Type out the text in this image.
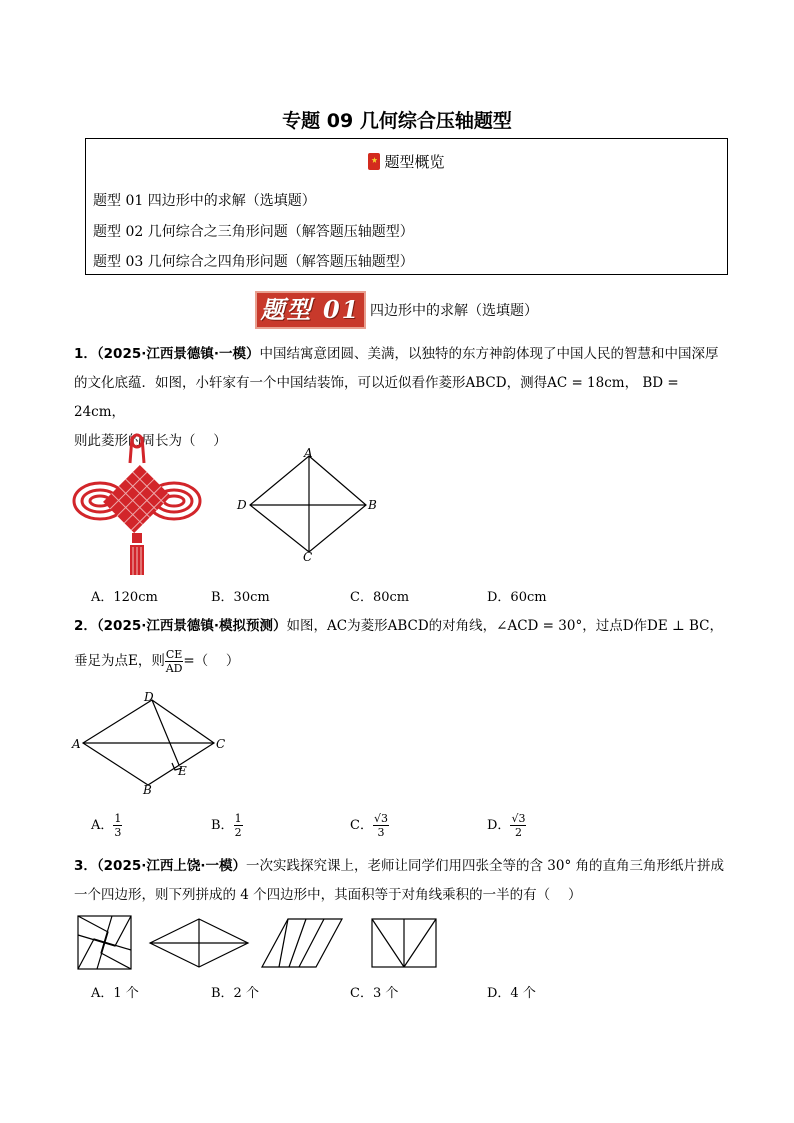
专题 09 几何综合压轴题型
题型概览
题型 01 四边形中的求解（选填题）
题型 02 几何综合之三角形问题（解答题压轴题型）
题型 03 几何综合之四角形问题（解答题压轴题型）
题型 01 四边形中的求解（选填题）
1．（2025·江西景德镇·一模）中国结寓意团圆、美满，以独特的东方神韵体现了中国人民的智慧和中国深厚
的文化底蕴．如图，小轩家有一个中国结装饰，可以近似看作菱形ABCD，测得AC = 18cm， BD = 24cm，
则此菱形的周长为（　 ）
A
B
C
D
A．120cm	B．30cm	C．80cm	D．60cm
2．（2025·江西景德镇·模拟预测）如图，AC为菱形ABCD的对角线，∠ACD = 30°，过点D作DE ⊥ BC，
垂足为点E，则 $\frac{CE}{AD}$ =（　 ）
D
C
A
B
E
A． $\frac{1}{3}$	B． $\frac{1}{2}$	C． $\frac{√3}{3}$	D． $\frac{√3}{2}$
3．（2025·江西上饶·一模）一次实践探究课上，老师让同学们用四张全等的含 30° 角的直角三角形纸片拼成
一个四边形，则下列拼成的 4 个四边形中，其面积等于对角线乘积的一半的有（　 ）
A．1 个	B．2 个	C．3 个	D．4 个
